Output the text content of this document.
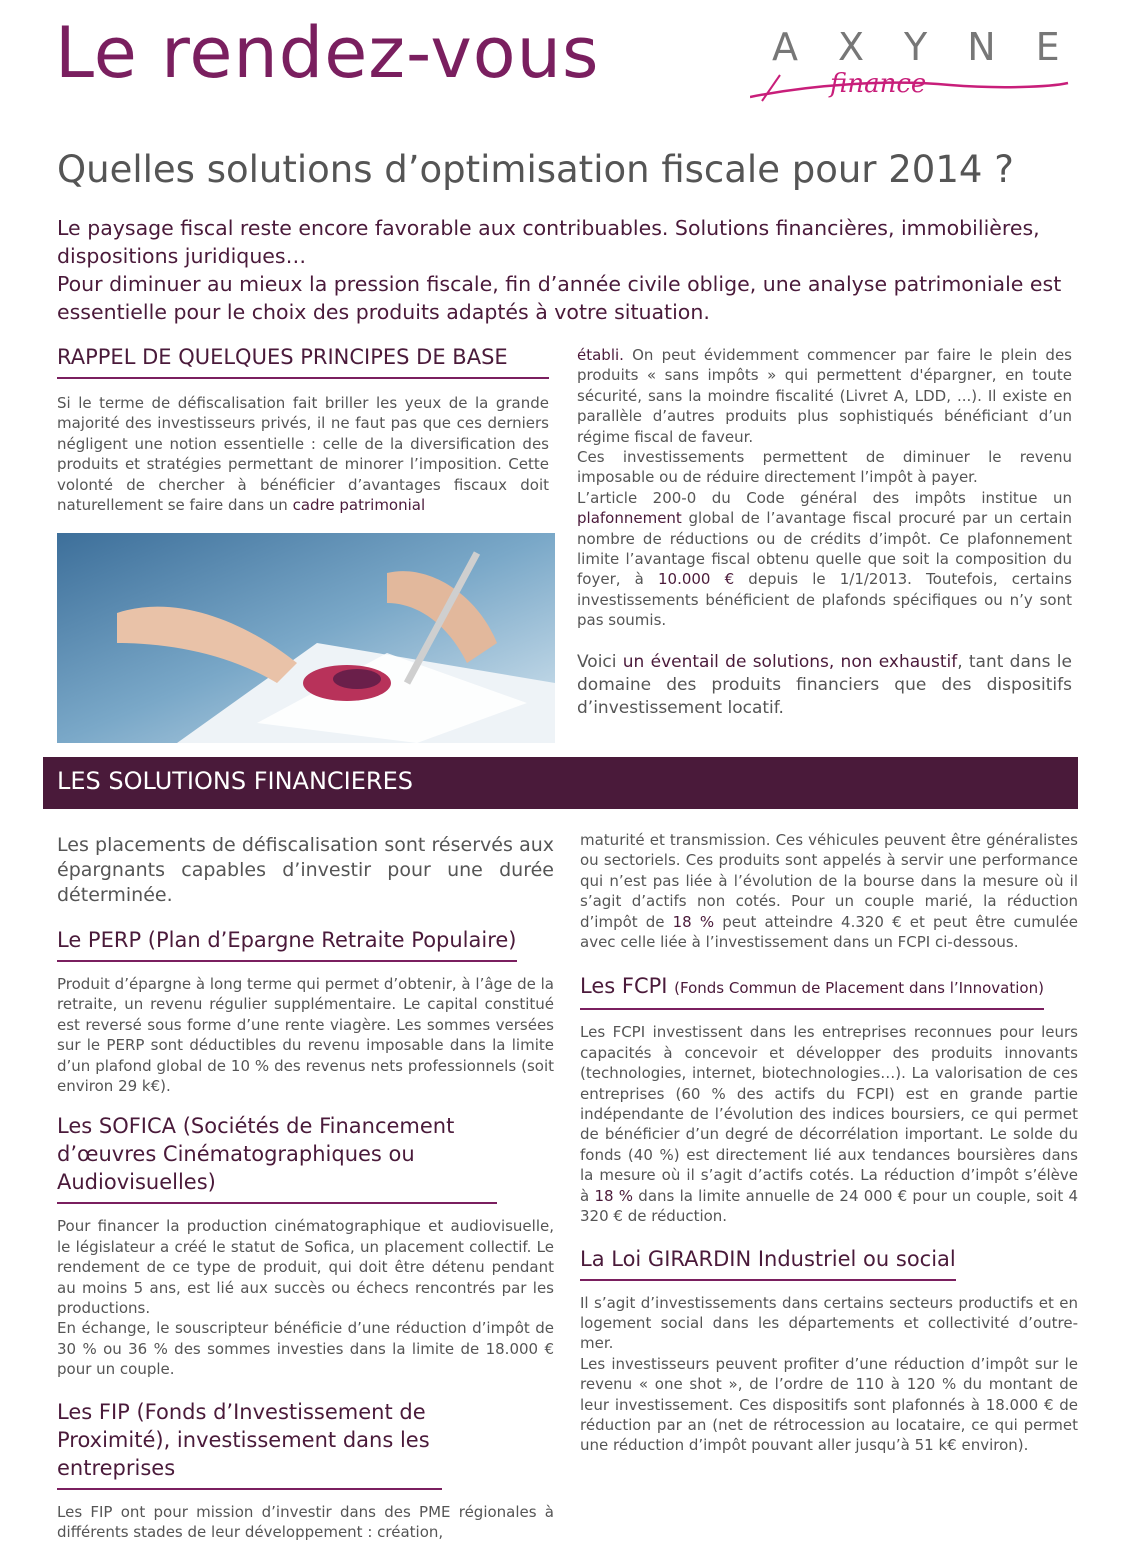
Le rendez-vous	AXYNE
finance
Quelles solutions d’optimisation fiscale pour 2014 ?
Le paysage fiscal reste encore favorable aux contribuables. Solutions financières, immobilières, dispositions juridiques…
Pour diminuer au mieux la pression fiscale, fin d’année civile oblige, une analyse patrimoniale est essentielle pour le choix des produits adaptés à votre situation.
RAPPEL DE QUELQUES PRINCIPES DE BASE

Si le terme de défiscalisation fait briller les yeux de la grande majorité des investisseurs privés, il ne faut pas que ces derniers négligent une notion essentielle : celle de la diversification des produits et stratégies permettant de minorer l’imposition. Cette volonté de chercher à bénéficier d’avantages fiscaux doit naturellement se faire dans un cadre patrimonial

établi. On peut évidemment commencer par faire le plein des produits « sans impôts » qui permettent d'épargner, en toute sécurité, sans la moindre fiscalité (Livret A, LDD, ...). Il existe en parallèle d’autres produits plus sophistiqués bénéficiant d’un régime fiscal de faveur.

Ces investissements permettent de diminuer le revenu imposable ou de réduire directement l’impôt à payer.

L’article 200-0 du Code général des impôts institue un plafonnement global de l’avantage fiscal procuré par un certain nombre de réductions ou de crédits d’impôt. Ce plafonnement limite l’avantage fiscal obtenu quelle que soit la composition du foyer, à 10.000 € depuis le 1/1/2013. Toutefois, certains investissements bénéficient de plafonds spécifiques ou n’y sont pas soumis.

Voici un éventail de solutions, non exhaustif, tant dans le domaine des produits financiers que des dispositifs d’investissement locatif.

LES SOLUTIONS FINANCIERES

Les placements de défiscalisation sont réservés aux épargnants capables d’investir pour une durée déterminée.

Le PERP (Plan d’Epargne Retraite Populaire)

Produit d’épargne à long terme qui permet d’obtenir, à l’âge de la retraite, un revenu régulier supplémentaire. Le capital constitué est reversé sous forme d’une rente viagère. Les sommes versées sur le PERP sont déductibles du revenu imposable dans la limite d’un plafond global de 10 % des revenus nets professionnels (soit environ 29 k€).

Les SOFICA (Sociétés de Financement d’œuvres Cinématographiques ou Audiovisuelles)

Pour financer la production cinématographique et audiovisuelle, le législateur a créé le statut de Sofica, un placement collectif. Le rendement de ce type de produit, qui doit être détenu pendant au moins 5 ans, est lié aux succès ou échecs rencontrés par les productions.

En échange, le souscripteur bénéficie d’une réduction d’impôt de 30 % ou 36 % des sommes investies dans la limite de 18.000 € pour un couple.

Les FIP (Fonds d’Investissement de Proximité), investissement dans les entreprises

Les FIP ont pour mission d’investir dans des PME régionales à différents stades de leur développement : création,

maturité et transmission. Ces véhicules peuvent être généralistes ou sectoriels. Ces produits sont appelés à servir une performance qui n’est pas liée à l’évolution de la bourse dans la mesure où il s’agit d’actifs non cotés. Pour un couple marié, la réduction d’impôt de 18 % peut atteindre 4.320 € et peut être cumulée avec celle liée à l’investissement dans un FCPI ci-dessous.

Les FCPI (Fonds Commun de Placement dans l’Innovation)

Les FCPI investissent dans les entreprises reconnues pour leurs capacités à concevoir et développer des produits innovants (technologies, internet, biotechnologies…). La valorisation de ces entreprises (60 % des actifs du FCPI) est en grande partie indépendante de l’évolution des indices boursiers, ce qui permet de bénéficier d’un degré de décorrélation important. Le solde du fonds (40 %) est directement lié aux tendances boursières dans la mesure où il s’agit d’actifs cotés. La réduction d’impôt s’élève à 18 % dans la limite annuelle de 24 000 € pour un couple, soit 4 320 € de réduction.

La Loi GIRARDIN Industriel ou social

Il s’agit d’investissements dans certains secteurs productifs et en logement social dans les départements et collectivité d’outre-mer.

Les investisseurs peuvent profiter d’une réduction d’impôt sur le revenu « one shot », de l’ordre de 110 à 120 % du montant de leur investissement. Ces dispositifs sont plafonnés à 18.000 € de réduction par an (net de rétrocession au locataire, ce qui permet une réduction d’impôt pouvant aller jusqu’à 51 k€ environ).
